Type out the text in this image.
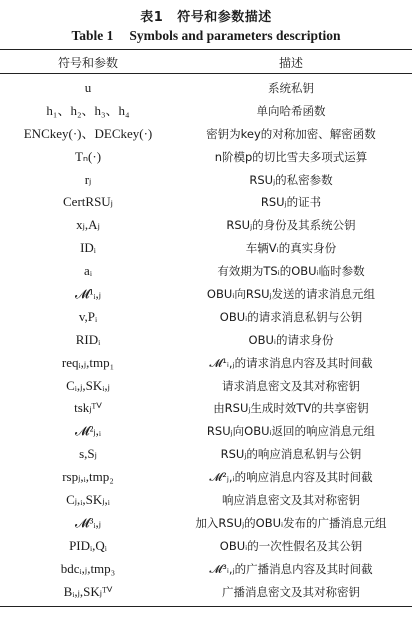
表1 符号和参数描述
Table 1 Symbols and parameters description
符号和参数	描述
u	系统私钥
h₁、h₂、h₃、h₄	单向哈希函数
ENCkey(·)、DECkey(·)	密钥为key的对称加密、解密函数
Tₙ(·)	n阶模p的切比雪夫多项式运算
rⱼ	RSUⱼ的私密参数
CertRSUⱼ	RSUⱼ的证书
xⱼ,Aⱼ	RSUⱼ的身份及其系统公钥
IDᵢ	车辆Vᵢ的真实身份
aᵢ	有效期为TSᵢ的OBUᵢ临时参数
𝓜¹ᵢ,ⱼ	OBUᵢ向RSUⱼ发送的请求消息元组
v,Pᵢ	OBUᵢ的请求消息私钥与公钥
RIDᵢ	OBUᵢ的请求身份
reqᵢ,ⱼ,tmp₁	𝓜¹ᵢ,ⱼ的请求消息内容及其时间截
Cᵢ,ⱼ,SKᵢ,ⱼ	请求消息密文及其对称密钥
tskⱼᵀⱽ	由RSUⱼ生成时效TV的共享密钥
𝓜²ⱼ,ᵢ	RSUⱼ向OBUᵢ返回的响应消息元组
s,Sⱼ	RSUⱼ的响应消息私钥与公钥
rspⱼ,ᵢ,tmp₂	𝓜²ⱼ,ᵢ的响应消息内容及其时间截
Cⱼ,ᵢ,SKⱼ,ᵢ	响应消息密文及其对称密钥
𝓜³ᵢ,ⱼ	加入RSUⱼ的OBUᵢ发布的广播消息元组
PIDᵢ,Qᵢ	OBUᵢ的一次性假名及其公钥
bdcᵢ,ⱼ,tmp₃	𝓜³ᵢ,ⱼ的广播消息内容及其时间截
Bᵢ,ⱼ,SKⱼᵀⱽ	广播消息密文及其对称密钥
